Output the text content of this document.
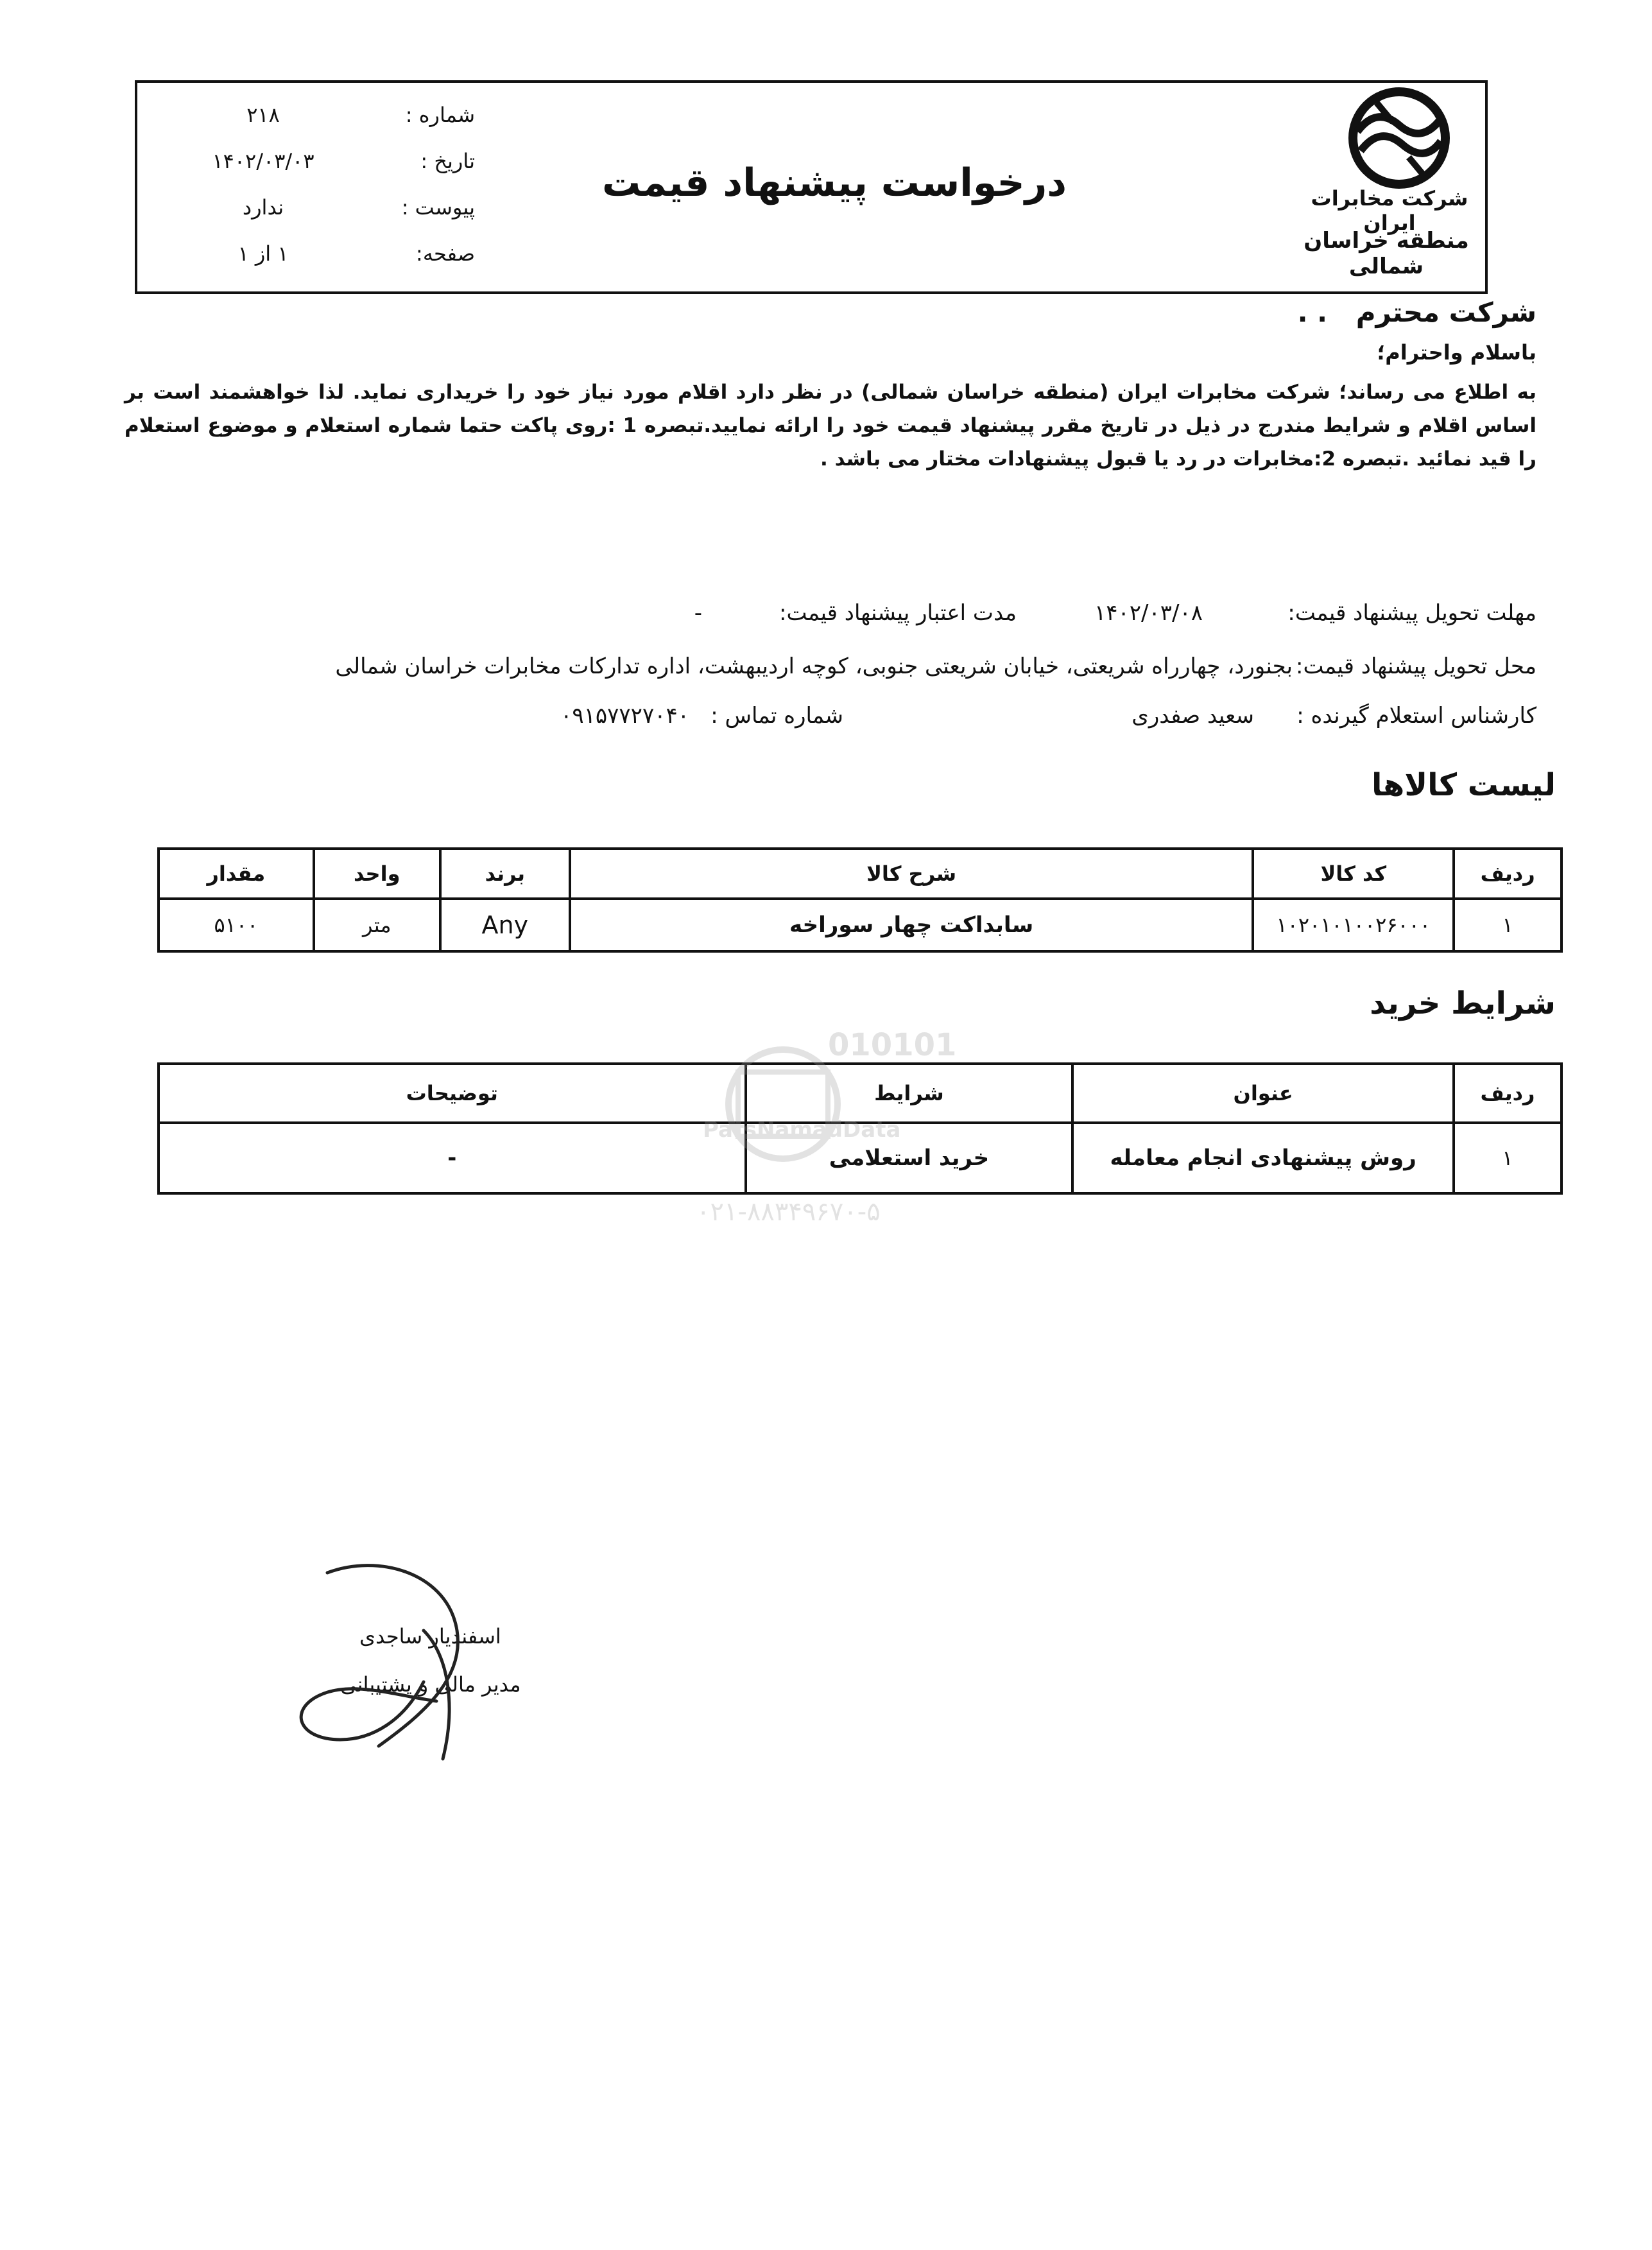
شرکت مخابرات ایران
منطقه خراسان شمالی
درخواست پیشنهاد قیمت
شماره :
۲۱۸
تاریخ :
۱۴۰۲/۰۳/۰۳
پیوست :
ندارد
صفحه:
۱ از ۱
شرکت محترم . .
باسلام واحترام؛
به اطلاع می رساند؛ شرکت مخابرات ایران (منطقه خراسان شمالی) در نظر دارد اقلام مورد نیاز خود را خریداری نماید. لذا خواهشمند است بر اساس اقلام و شرایط مندرج در ذیل در تاریخ مقرر پیشنهاد قیمت خود را ارائه نمایید.تبصره 1 :روی پاکت حتما شماره استعلام و موضوع استعلام را قید نمائید .تبصره 2:مخابرات در رد یا قبول پیشنهادات مختار می باشد .
مهلت تحویل پیشنهاد قیمت:
۱۴۰۲/۰۳/۰۸
مدت اعتبار پیشنهاد قیمت:
-
محل تحویل پیشنهاد قیمت:
بجنورد، چهارراه شریعتی، خیابان شریعتی جنوبی، کوچه اردیبهشت، اداره تدارکات مخابرات خراسان شمالی
کارشناس استعلام گیرنده :
سعید صفدری
شماره تماس :
۰۹۱۵۷۷۲۷۰۴۰
لیست کالاها
ردیف	کد کالا	شرح کالا	برند	واحد	مقدار
۱	۱۰۲۰۱۰۱۰۰۲۶۰۰۰	سابداکت چهار سوراخه	Any	متر	۵۱۰۰
شرایط خرید
ردیف	عنوان	شرایط	توضیحات
۱	روش پیشنهادی انجام معامله	خرید استعلامی	-
010101
ParsNamadData
۰۲۱-۸۸۳۴۹۶۷۰-۵
اسفندیار ساجدی
مدیر مالی و پشتیبانی
